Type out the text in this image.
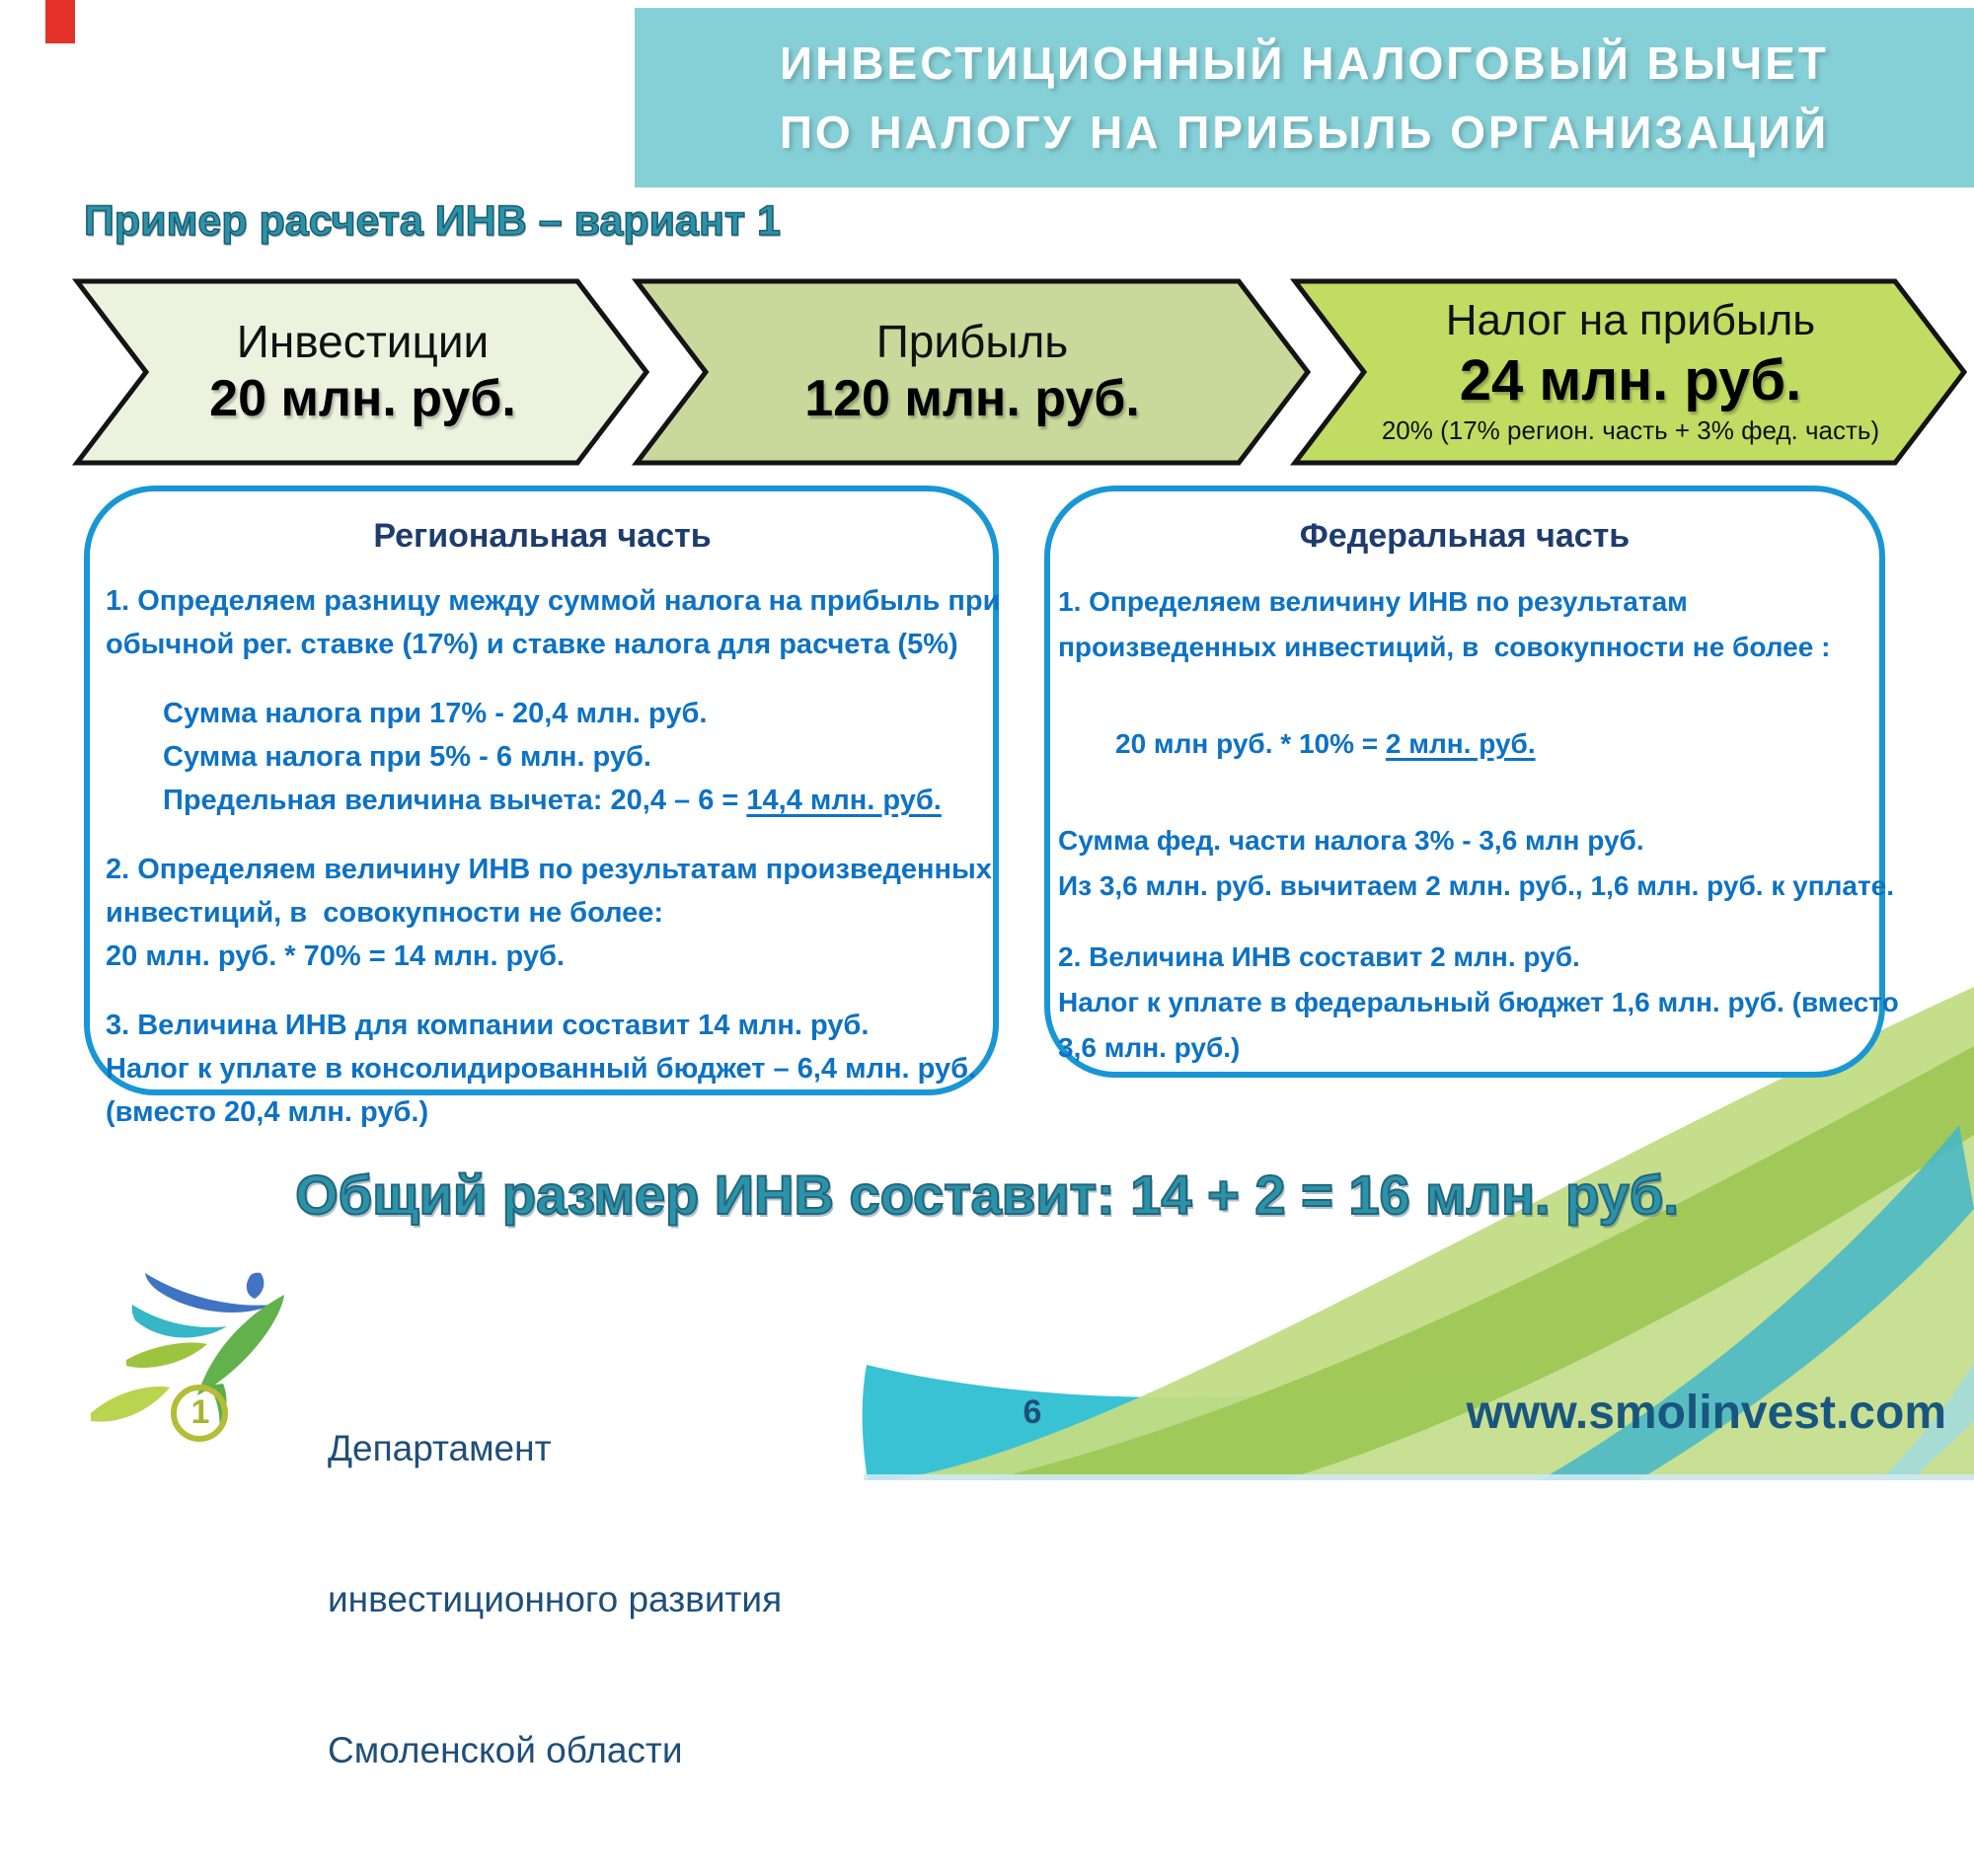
ИНВЕСТИЦИОННЫЙ НАЛОГОВЫЙ ВЫЧЕТ
ПО НАЛОГУ НА ПРИБЫЛЬ ОРГАНИЗАЦИЙ
Пример расчета ИНВ – вариант 1
Инвестиции
20 млн. руб.
Прибыль
120 млн. руб.
Налог на прибыль
24 млн. руб.
20% (17% регион. часть + 3% фед. часть)
Региональная часть

1. Определяем разницу между суммой налога на прибыль при

обычной рег. ставке (17%) и ставке налога для расчета (5%)

Сумма налога при 17% - 20,4 млн. руб.

Сумма налога при 5% - 6 млн. руб.

Предельная величина вычета: 20,4 – 6 = 14,4 млн. руб.

2. Определяем величину ИНВ по результатам произведенных

инвестиций, в  совокупности не более:

20 млн. руб. * 70% = 14 млн. руб.

3. Величина ИНВ для компании составит 14 млн. руб.

Налог к уплате в консолидированный бюджет – 6,4 млн. руб.

(вместо 20,4 млн. руб.)

Федеральная часть

1. Определяем величину ИНВ по результатам

произведенных инвестиций, в  совокупности не более :

20 млн руб. * 10% = 2 млн. руб.

Сумма фед. части налога 3% - 3,6 млн руб.

Из 3,6 млн. руб. вычитаем 2 млн. руб., 1,6 млн. руб. к уплате.

2. Величина ИНВ составит 2 млн. руб.

Налог к уплате в федеральный бюджет 1,6 млн. руб. (вместо

3,6 млн. руб.)

Общий размер ИНВ составит: 14 + 2 = 16 млн. руб.
1

Департамент

инвестиционного развития

Смоленской области

6	www.smolinvest.com
